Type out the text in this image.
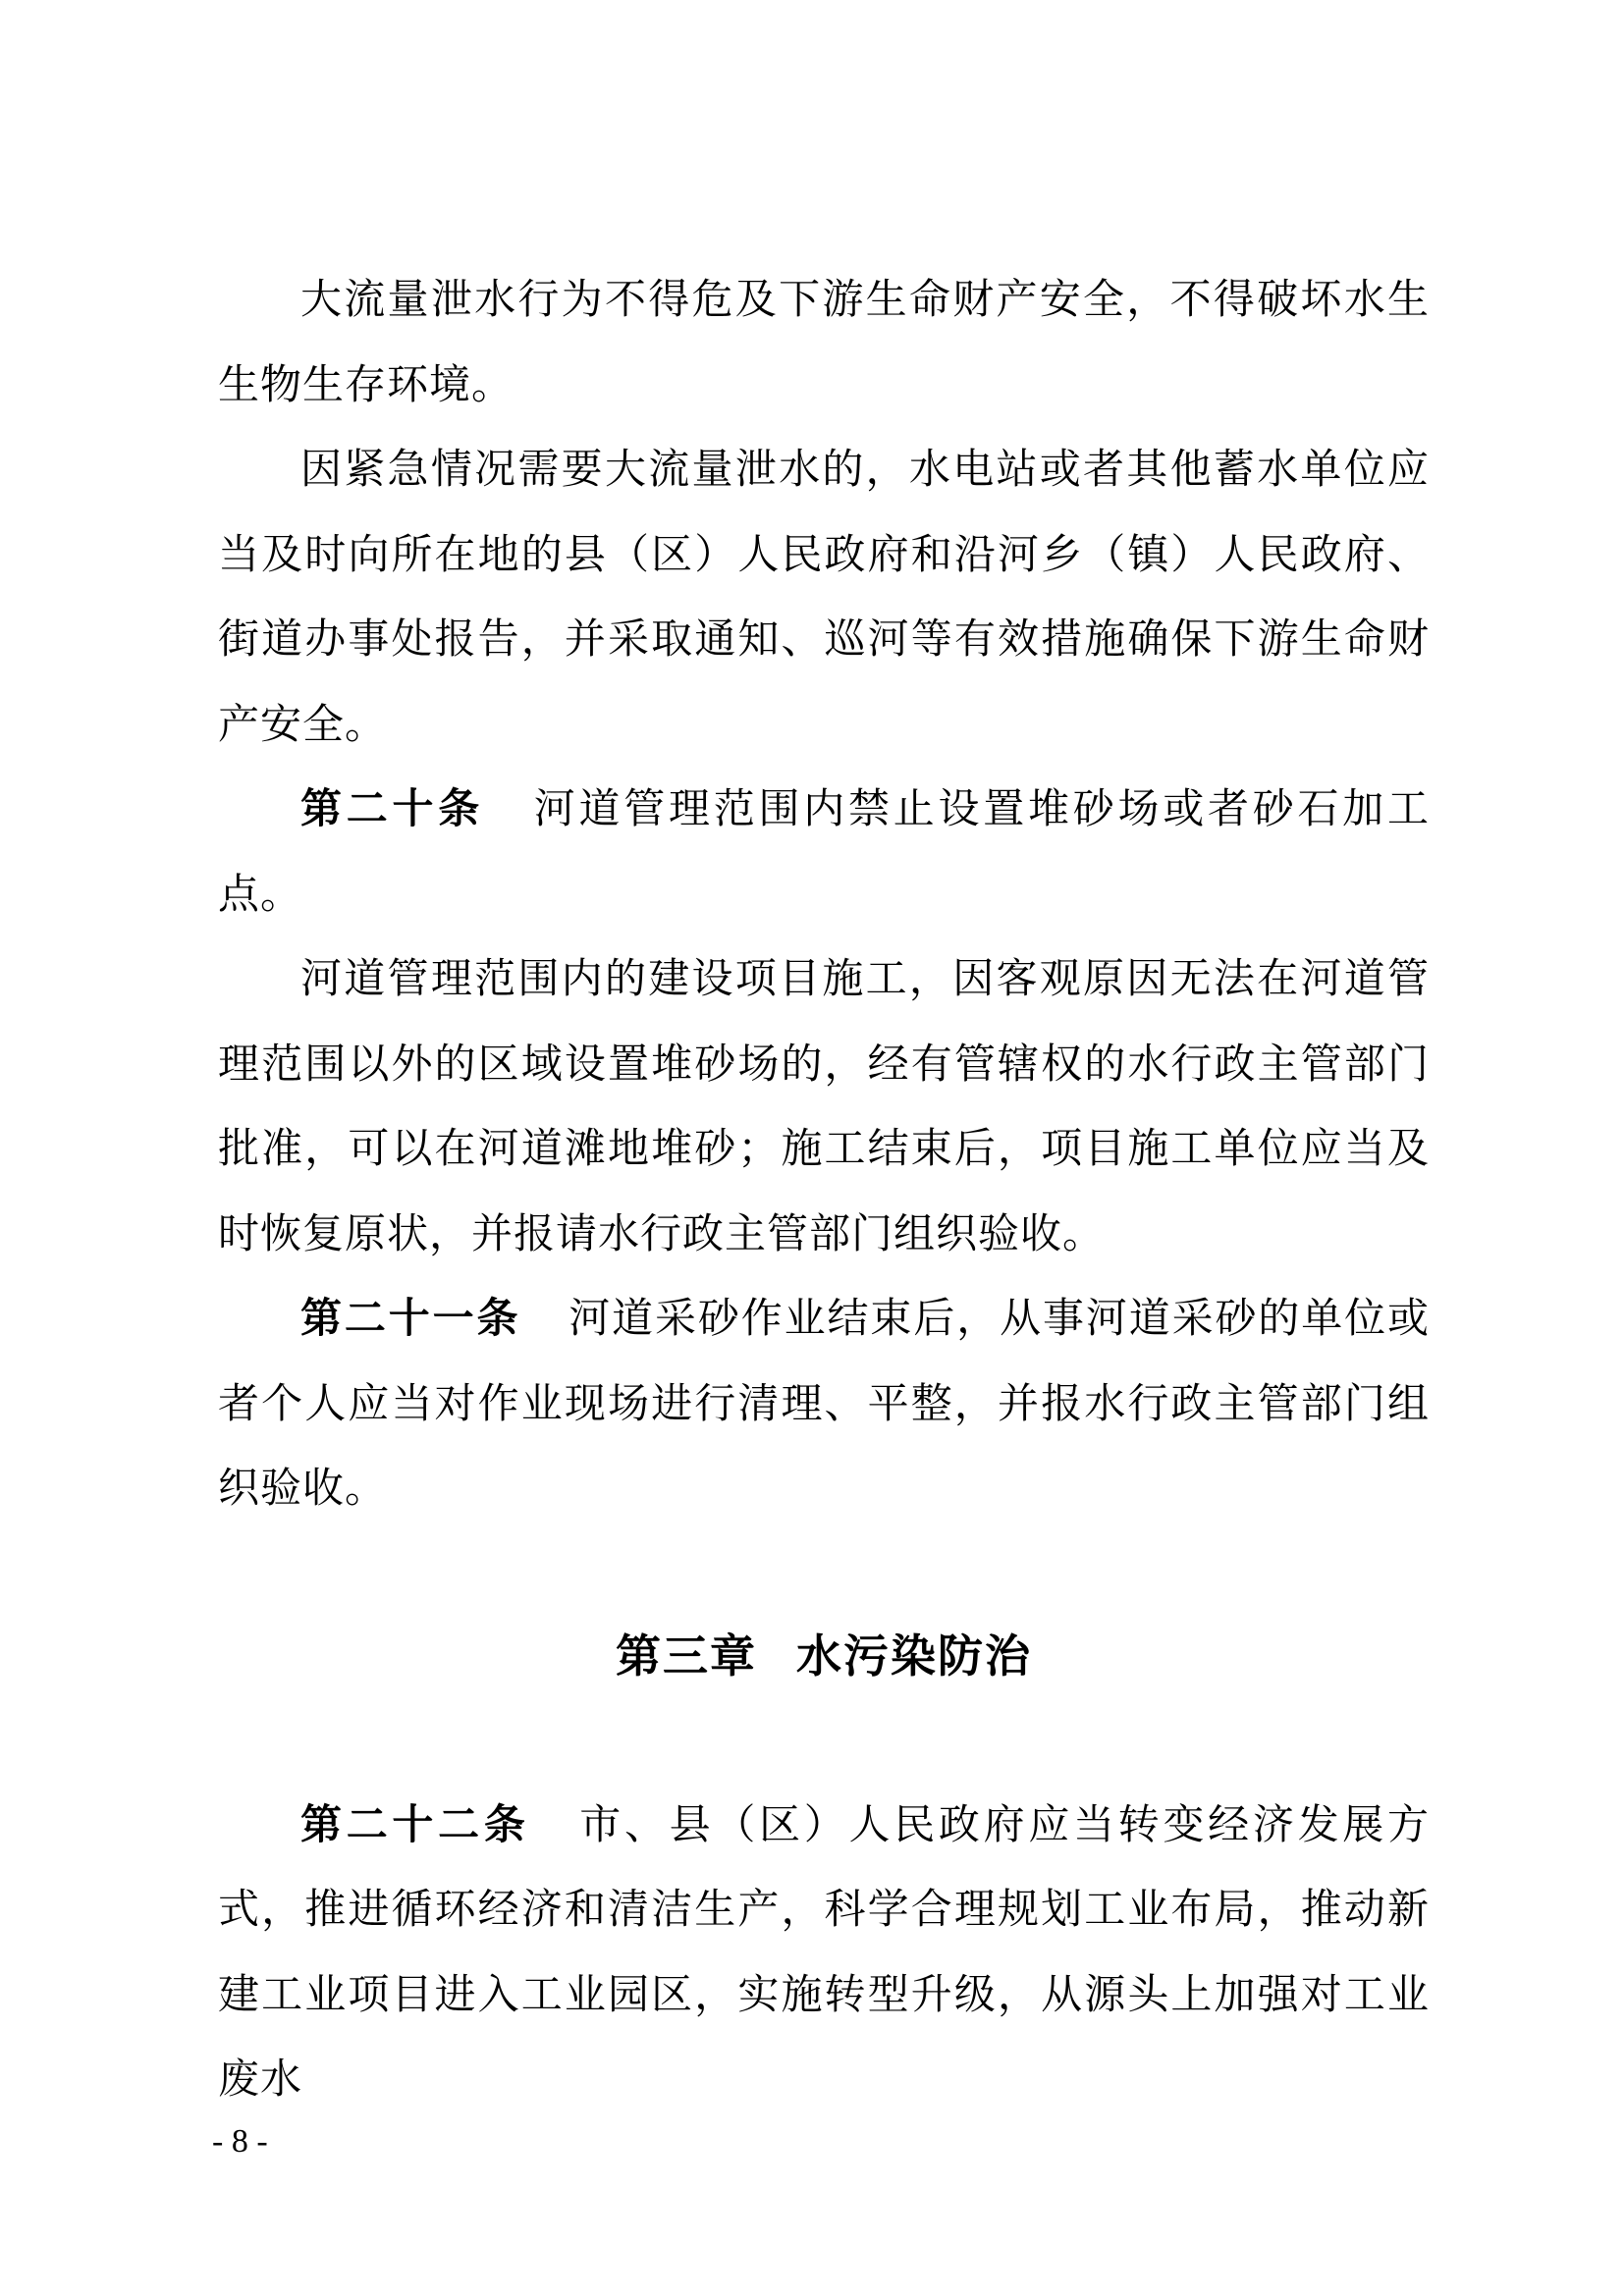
大流量泄水行为不得危及下游生命财产安全，不得破坏水生生物生存环境。

因紧急情况需要大流量泄水的，水电站或者其他蓄水单位应当及时向所在地的县（区）人民政府和沿河乡（镇）人民政府、街道办事处报告，并采取通知、巡河等有效措施确保下游生命财产安全。

第二十条 河道管理范围内禁止设置堆砂场或者砂石加工点。

河道管理范围内的建设项目施工，因客观原因无法在河道管理范围以外的区域设置堆砂场的，经有管辖权的水行政主管部门批准，可以在河道滩地堆砂；施工结束后，项目施工单位应当及时恢复原状，并报请水行政主管部门组织验收。

第二十一条 河道采砂作业结束后，从事河道采砂的单位或者个人应当对作业现场进行清理、平整，并报水行政主管部门组织验收。

第三章 水污染防治

第二十二条 市、县（区）人民政府应当转变经济发展方式，推进循环经济和清洁生产，科学合理规划工业布局，推动新建工业项目进入工业园区，实施转型升级，从源头上加强对工业废水

- 8 -
